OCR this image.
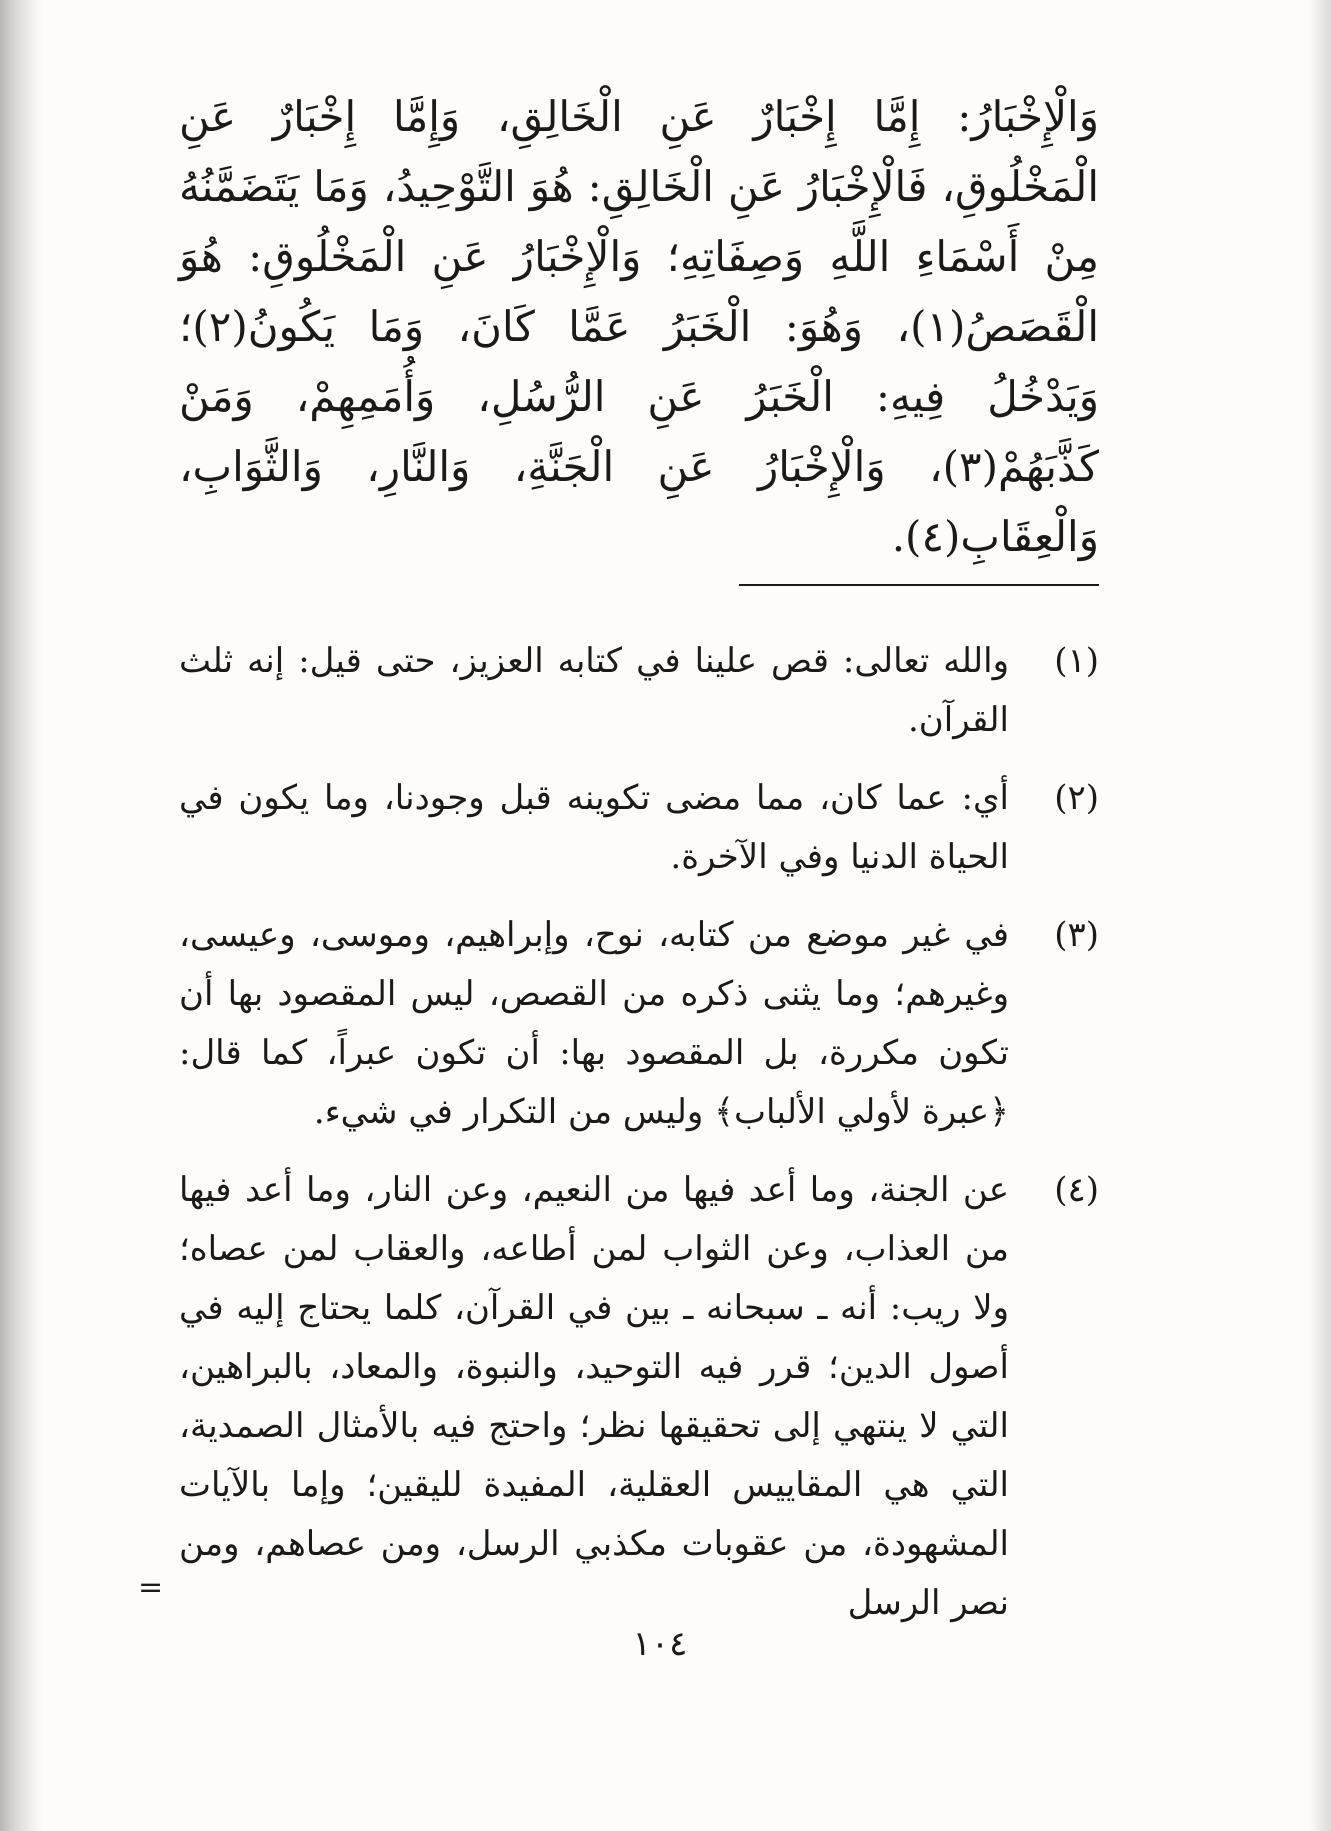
وَالْإِخْبَارُ: إِمَّا إِخْبَارٌ عَنِ الْخَالِقِ، وَإِمَّا إِخْبَارٌ عَنِ الْمَخْلُوقِ، فَالْإِخْبَارُ عَنِ الْخَالِقِ: هُوَ التَّوْحِيدُ، وَمَا يَتَضَمَّنُهُ مِنْ أَسْمَاءِ اللَّهِ وَصِفَاتِهِ؛ وَالْإِخْبَارُ عَنِ الْمَخْلُوقِ: هُوَ الْقَصَصُ(١)، وَهُوَ: الْخَبَرُ عَمَّا كَانَ، وَمَا يَكُونُ(٢)؛ وَيَدْخُلُ فِيهِ: الْخَبَرُ عَنِ الرُّسُلِ، وَأُمَمِهِمْ، وَمَنْ كَذَّبَهُمْ(٣)، وَالْإِخْبَارُ عَنِ الْجَنَّةِ، وَالنَّارِ، وَالثَّوَابِ، وَالْعِقَابِ(٤).

(١)
والله تعالى: قص علينا في كتابه العزيز، حتى قيل: إنه ثلث القرآن.
(٢)
أي: عما كان، مما مضى تكوينه قبل وجودنا، وما يكون في الحياة الدنيا وفي الآخرة.
(٣)
في غير موضع من كتابه، نوح، وإبراهيم، وموسى، وعيسى، وغيرهم؛ وما يثنى ذكره من القصص، ليس المقصود بها أن تكون مكررة، بل المقصود بها: أن تكون عبراً، كما قال: ﴿عبرة لأولي الألباب﴾ وليس من التكرار في شيء.
(٤)
عن الجنة، وما أعد فيها من النعيم، وعن النار، وما أعد فيها من العذاب، وعن الثواب لمن أطاعه، والعقاب لمن عصاه؛ ولا ريب: أنه ـ سبحانه ـ بين في القرآن، كلما يحتاج إليه في أصول الدين؛ قرر فيه التوحيد، والنبوة، والمعاد، بالبراهين، التي لا ينتهي إلى تحقيقها نظر؛ واحتج فيه بالأمثال الصمدية، التي هي المقاييس العقلية، المفيدة لليقين؛ وإما بالآيات المشهودة، من عقوبات مكذبي الرسل، ومن عصاهم، ومن نصر الرسل
=
١٠٤
